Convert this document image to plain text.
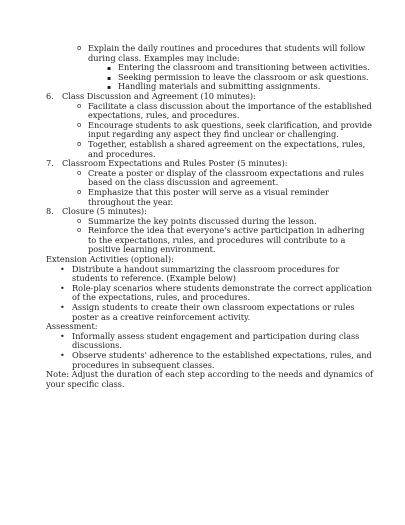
o Explain the daily routines and procedures that students will follow during class. Examples may include:
▪ Entering the classroom and transitioning between activities.
▪ Seeking permission to leave the classroom or ask questions.
▪ Handling materials and submitting assignments.
6. Class Discussion and Agreement (10 minutes):
o Facilitate a class discussion about the importance of the established expectations, rules, and procedures.
o Encourage students to ask questions, seek clarification, and provide input regarding any aspect they find unclear or challenging.
o Together, establish a shared agreement on the expectations, rules, and procedures.
7. Classroom Expectations and Rules Poster (5 minutes):
o Create a poster or display of the classroom expectations and rules based on the class discussion and agreement.
o Emphasize that this poster will serve as a visual reminder throughout the year.
8. Closure (5 minutes):
o Summarize the key points discussed during the lesson.
o Reinforce the idea that everyone's active participation in adhering to the expectations, rules, and procedures will contribute to a positive learning environment.
Extension Activities (optional):
• Distribute a handout summarizing the classroom procedures for students to reference. (Example below)
• Role-play scenarios where students demonstrate the correct application of the expectations, rules, and procedures.
• Assign students to create their own classroom expectations or rules poster as a creative reinforcement activity.
Assessment:
• Informally assess student engagement and participation during class discussions.
• Observe students' adherence to the established expectations, rules, and procedures in subsequent classes.
Note: Adjust the duration of each step according to the needs and dynamics of your specific class.
